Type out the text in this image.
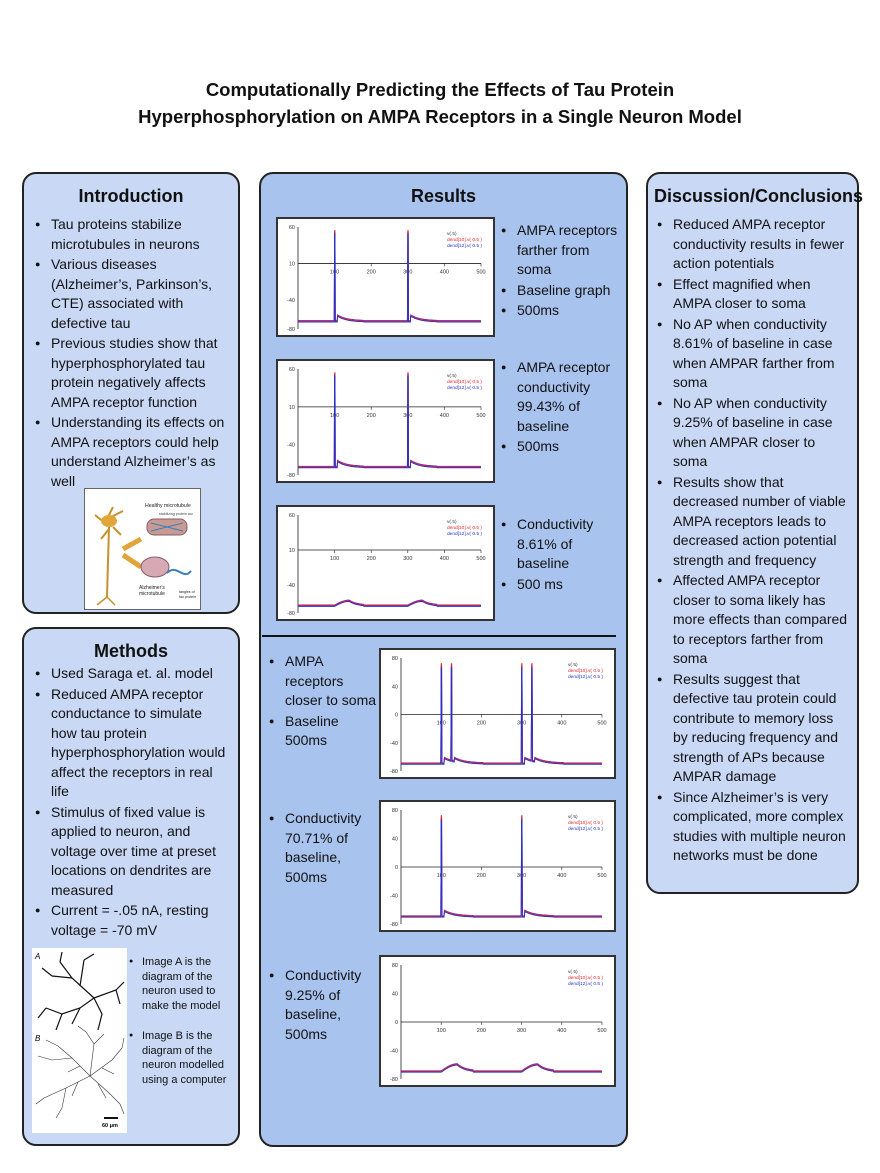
Computationally Predicting the Effects of Tau Protein
Hyperphosphorylation on AMPA Receptors in a Single Neuron Model
Introduction
● Tau proteins stabilize microtubules in neurons
● Various diseases (Alzheimer’s, Parkinson’s, CTE) associated with defective tau
● Previous studies show that hyperphosphorylated tau protein negatively affects AMPA receptor function
● Understanding its effects on AMPA receptors could help understand Alzheimer’s as well
Healthy microtubule
stabilizing protein tau
Alzheimer’s
microtubule	tangles of
tau protein
Methods
● Used Saraga et. al. model
● Reduced AMPA receptor conductance to simulate how tau protein hyperphosphorylation would affect the receptors in real life
● Stimulus of fixed value is applied to neuron, and voltage over time at preset locations on dendrites are measured
● Current = -.05 nA, resting voltage = -70 mV
A
B
60 μm
● Image A is the diagram of the neuron used to make the model
● Image B is the diagram of the neuron modelled using a computer
Results
100	200	300	400	500
60
10
-40
-80
v(.5)
dend[10].v( 0.5 )
dend[12].v( 0.5 )
● AMPA receptors farther from soma
● Baseline graph
● 500ms
100	200	300	400	500
60
10
-40
-80
v(.5)
dend[10].v( 0.5 )
dend[12].v( 0.5 )
● AMPA receptor conductivity 99.43% of baseline
● 500ms
100	200	300	400	500
60
10
-40
-80
v(.5)
dend[10].v( 0.5 )
dend[12].v( 0.5 )
● Conductivity 8.61% of baseline
● 500 ms
● AMPA receptors closer to soma
● Baseline 500ms
100	200	300	400	500
80
40
0
-40
-80
v(.5)
dend[10].v( 0.5 )
dend[12].v( 0.5 )
● Conductivity 70.71% of baseline, 500ms	100	200	300	400	500
80
40
0
-40
-80
v(.5)
dend[10].v( 0.5 )
dend[12].v( 0.5 )
● Conductivity 9.25% of baseline, 500ms	100	200	300	400	500
80
40
0
-40
-80
v(.5)
dend[10].v( 0.5 )
dend[12].v( 0.5 )
Discussion/Conclusions
● Reduced AMPA receptor conductivity results in fewer action potentials
● Effect magnified when AMPA closer to soma
● No AP when conductivity 8.61% of baseline in case when AMPAR farther from soma
● No AP when conductivity 9.25% of baseline in case when AMPAR closer to soma
● Results show that decreased number of viable AMPA receptors leads to decreased action potential strength and frequency
● Affected AMPA receptor closer to soma likely has more effects than compared to receptors farther from soma
● Results suggest that defective tau protein could contribute to memory loss by reducing frequency and strength of APs because AMPAR damage
● Since Alzheimer’s is very complicated, more complex studies with multiple neuron networks must be done
